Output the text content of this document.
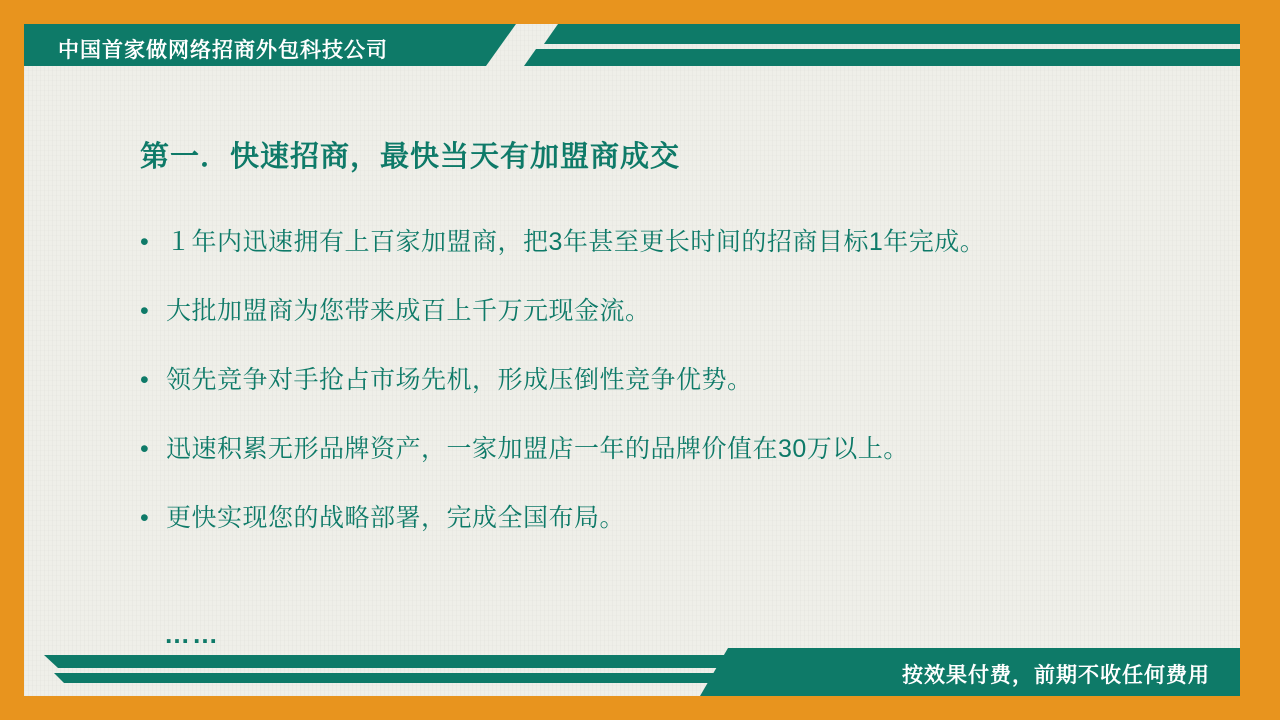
中国首家做网络招商外包科技公司
第一．快速招商，最快当天有加盟商成交
• １年内迅速拥有上百家加盟商，把3年甚至更长时间的招商目标1年完成。
• 大批加盟商为您带来成百上千万元现金流。
• 领先竞争对手抢占市场先机，形成压倒性竞争优势。
• 迅速积累无形品牌资产，一家加盟店一年的品牌价值在30万以上。
• 更快实现您的战略部署，完成全国布局。
……
按效果付费，前期不收任何费用
